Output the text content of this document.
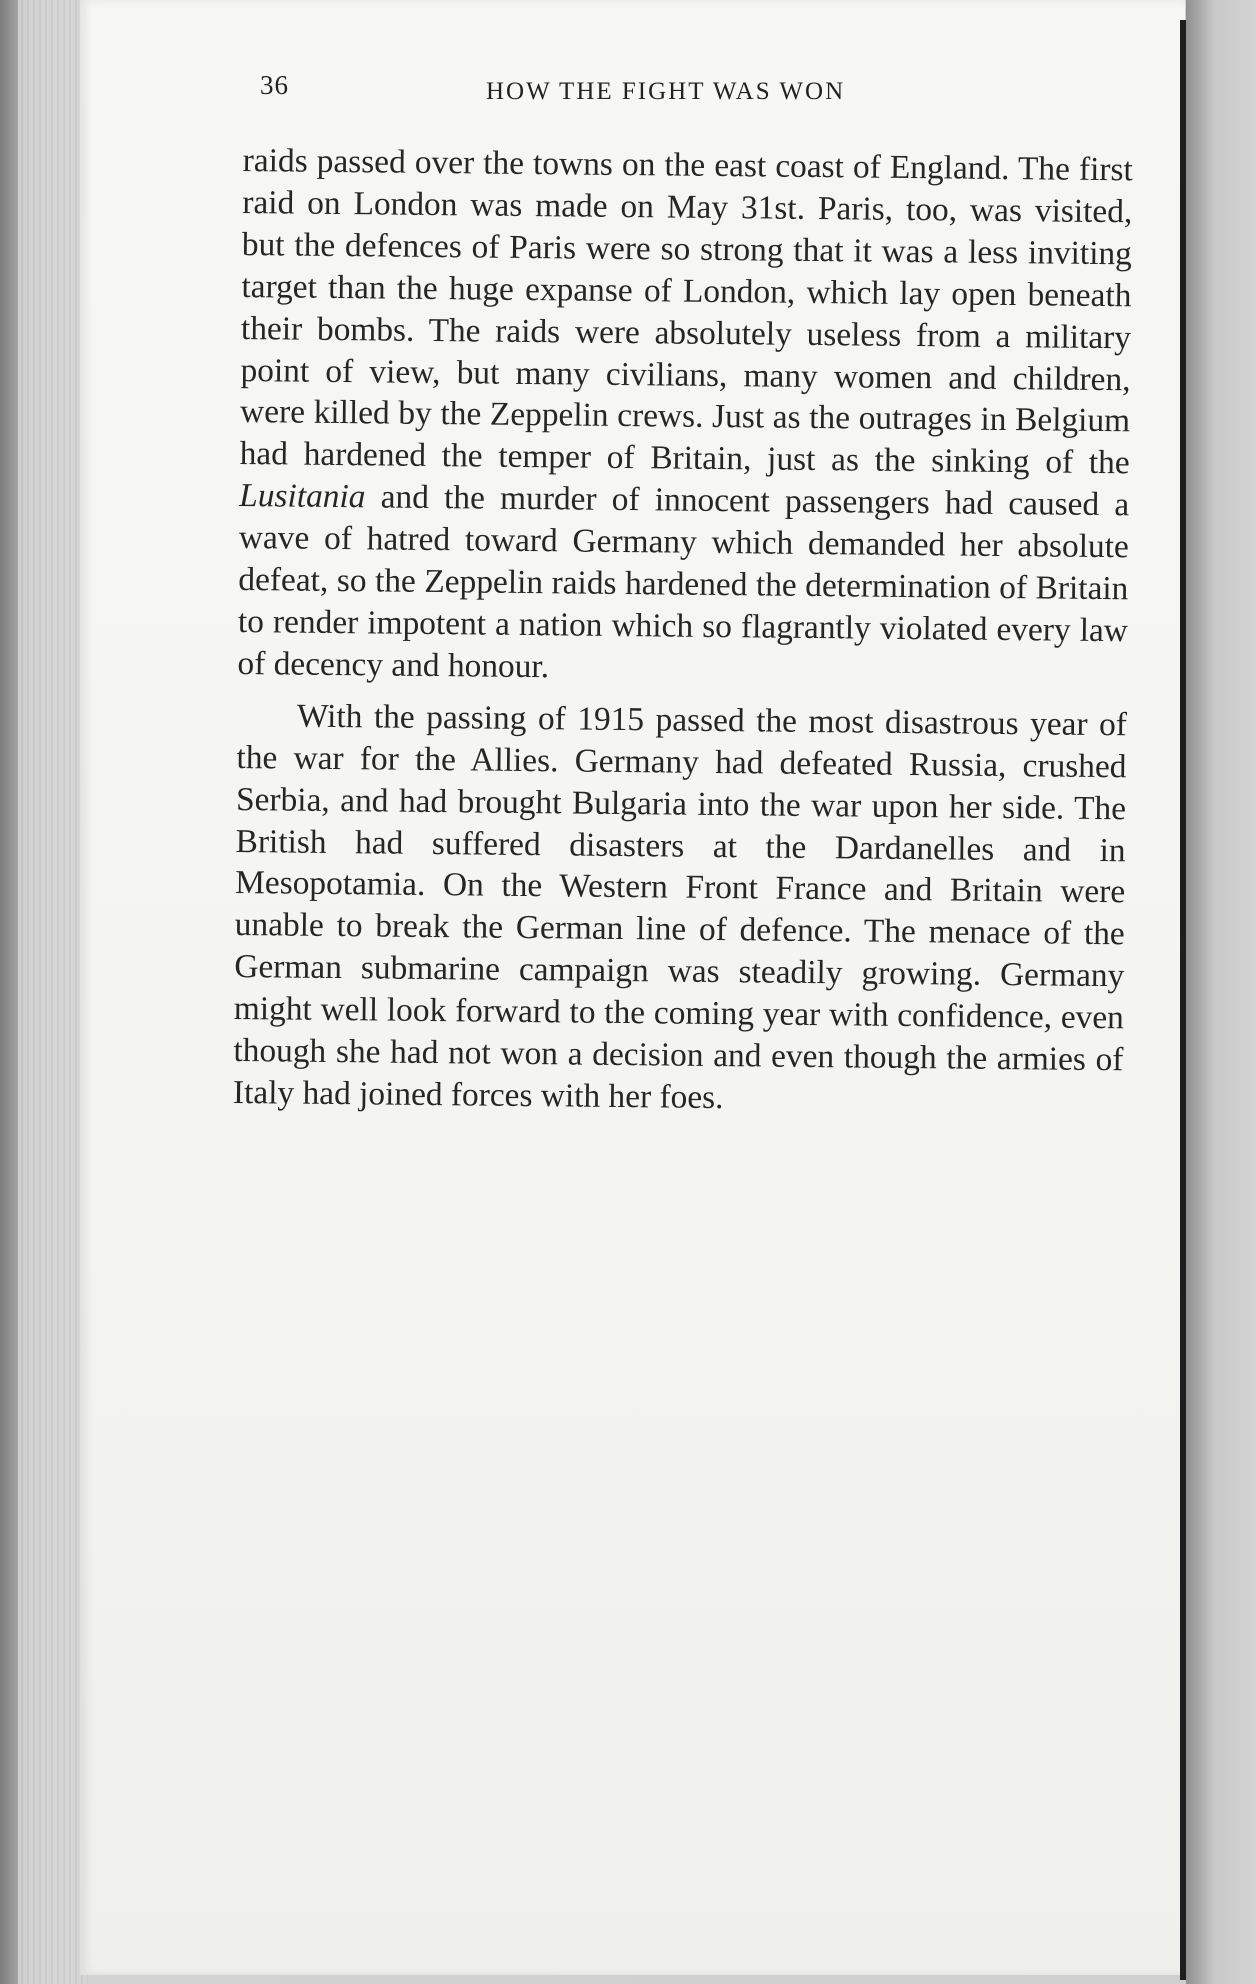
36	HOW THE FIGHT WAS WON

raids passed over the towns on the east coast of England. The first raid on London was made on May 31st. Paris, too, was visited, but the defences of Paris were so strong that it was a less inviting target than the huge expanse of London, which lay open beneath their bombs. The raids were absolutely useless from a military point of view, but many civilians, many women and children, were killed by the Zeppelin crews. Just as the outrages in Belgium had hardened the temper of Britain, just as the sinking of the Lusitania and the murder of innocent passengers had caused a wave of hatred toward Germany which demanded her absolute defeat, so the Zeppelin raids hardened the determination of Britain to render impotent a nation which so flagrantly violated every law of decency and honour.

With the passing of 1915 passed the most disastrous year of the war for the Allies. Germany had defeated Russia, crushed Serbia, and had brought Bulgaria into the war upon her side. The British had suffered disasters at the Dardanelles and in Mesopotamia. On the Western Front France and Britain were unable to break the German line of defence. The menace of the German submarine campaign was steadily growing. Germany might well look forward to the coming year with confidence, even though she had not won a decision and even though the armies of Italy had joined forces with her foes.
